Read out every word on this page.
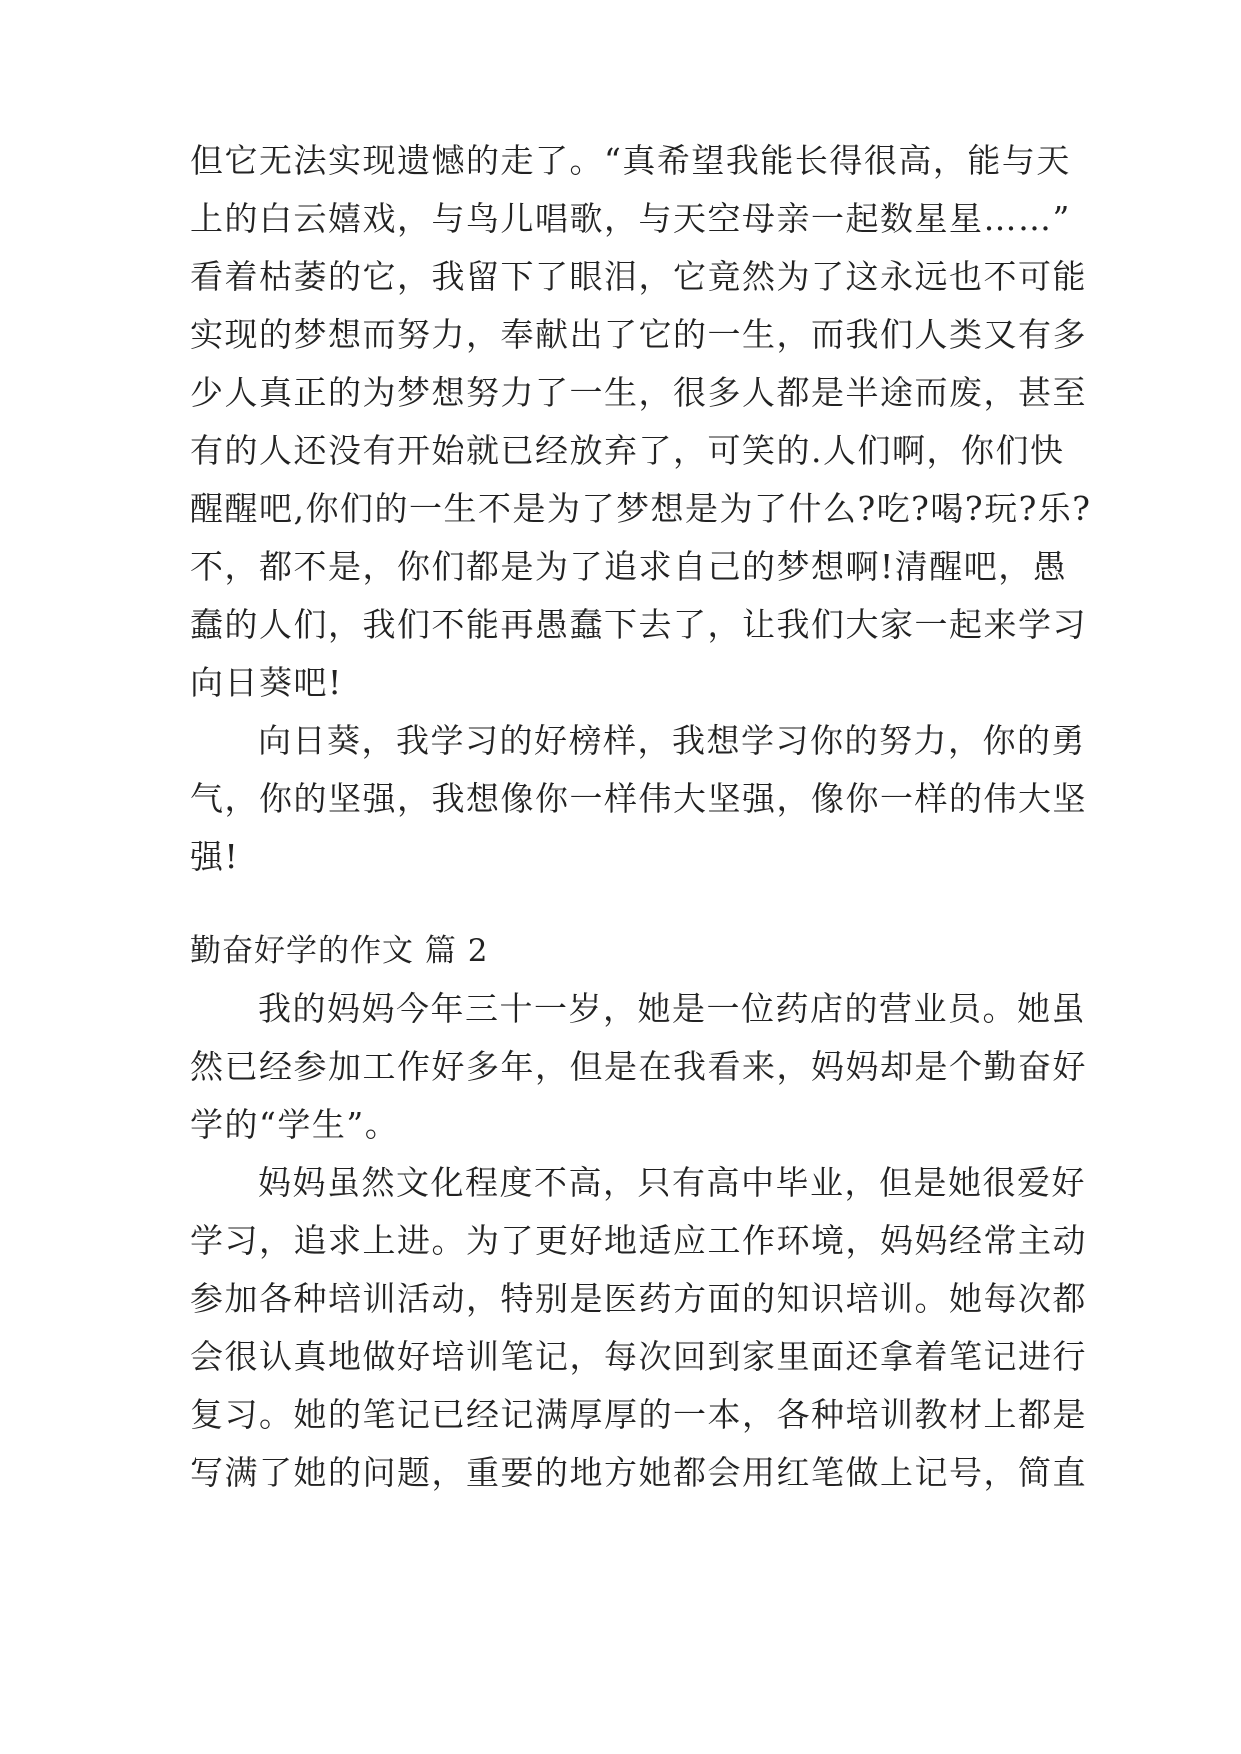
但它无法实现遗憾的走了。“真希望我能长得很高，能与天
上的白云嬉戏，与鸟儿唱歌，与天空母亲一起数星星……”
看着枯萎的它，我留下了眼泪，它竟然为了这永远也不可能
实现的梦想而努力，奉献出了它的一生，而我们人类又有多
少人真正的为梦想努力了一生，很多人都是半途而废，甚至
有的人还没有开始就已经放弃了，可笑的.人们啊，你们快
醒醒吧,你们的一生不是为了梦想是为了什么?吃?喝?玩?乐?
不，都不是，你们都是为了追求自己的梦想啊!清醒吧，愚
蠢的人们，我们不能再愚蠢下去了，让我们大家一起来学习
向日葵吧!
向日葵，我学习的好榜样，我想学习你的努力，你的勇
气，你的坚强，我想像你一样伟大坚强，像你一样的伟大坚
强!
勤奋好学的作文 篇 2
我的妈妈今年三十一岁，她是一位药店的营业员。她虽
然已经参加工作好多年，但是在我看来，妈妈却是个勤奋好
学的“学生”。
妈妈虽然文化程度不高，只有高中毕业，但是她很爱好
学习，追求上进。为了更好地适应工作环境，妈妈经常主动
参加各种培训活动，特别是医药方面的知识培训。她每次都
会很认真地做好培训笔记，每次回到家里面还拿着笔记进行
复习。她的笔记已经记满厚厚的一本，各种培训教材上都是
写满了她的问题，重要的地方她都会用红笔做上记号，简直
